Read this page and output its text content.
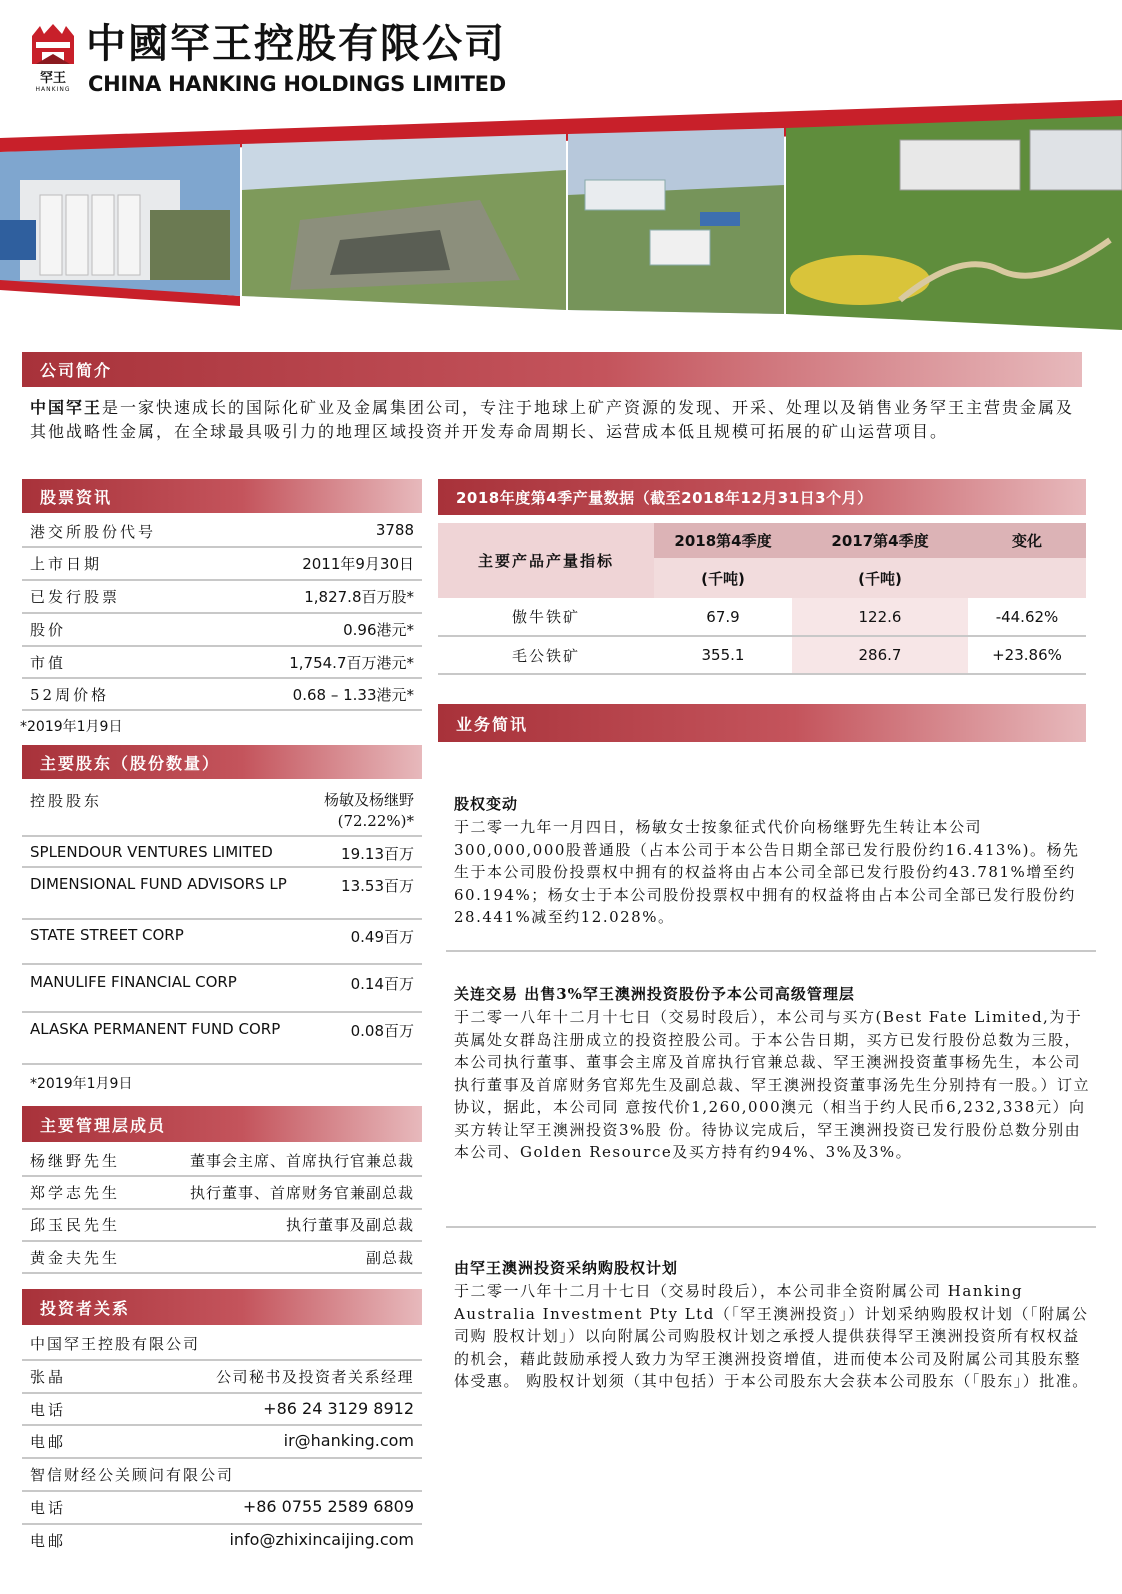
罕王
HANKING
中國罕王控股有限公司
CHINA HANKING HOLDINGS LIMITED
公司简介
中国罕王是一家快速成长的国际化矿业及金属集团公司，专注于地球上矿产资源的发现、开采、处理以及销售业务罕王主营贵金属及其他战略性金属，在全球最具吸引力的地理区域投资并开发寿命周期长、运营成本低且规模可拓展的矿山运营项目。
股票资讯
港交所股份代号	3788
上市日期	2011年9月30日
已发行股票	1,827.8百万股*
股价	0.96港元*
市值	1,754.7百万港元*
52周价格	0.68 – 1.33港元*
*2019年1月9日
主要股东（股份数量）
控股股东	杨敏及杨继野
(72.22%)*
SPLENDOUR VENTURES LIMITED	19.13百万
DIMENSIONAL FUND ADVISORS LP	13.53百万
STATE STREET CORP	0.49百万
MANULIFE FINANCIAL CORP	0.14百万
ALASKA PERMANENT FUND CORP	0.08百万
*2019年1月9日
主要管理层成员
杨继野先生	董事会主席、首席执行官兼总裁
郑学志先生	执行董事、首席财务官兼副总裁
邱玉民先生	执行董事及副总裁
黄金夫先生	副总裁
投资者关系
中国罕王控股有限公司
张晶	公司秘书及投资者关系经理
电话	+86 24 3129 8912
电邮	ir@hanking.com
智信财经公关顾问有限公司
电话	+86 0755 2589 6809
电邮	info@zhixincaijing.com
2018年度第4季产量数据（截至2018年12月31日3个月）
主要产品产量指标	2018第4季度	2017第4季度	变化
	(千吨)	(千吨)	
傲牛铁矿	67.9	122.6	-44.62%
毛公铁矿	355.1	286.7	+23.86%
业务简讯
股权变动
于二零一九年一月四日，杨敏女士按象征式代价向杨继野先生转让本公司300,000,000股普通股（占本公司于本公告日期全部已发行股份约16.413%)。杨先生于本公司股份投票权中拥有的权益将由占本公司全部已发行股份约43.781%增至约60.194%；杨女士于本公司股份投票权中拥有的权益将由占本公司全部已发行股份约28.441%减至约12.028%。
关连交易 出售3%罕王澳洲投资股份予本公司高级管理层
于二零一八年十二月十七日（交易时段后），本公司与买方(Best Fate Limited,为于英属处女群岛注册成立的投资控股公司。于本公告日期，买方已发行股份总数为三股，本公司执行董事、董事会主席及首席执行官兼总裁、罕王澳洲投资董事杨先生，本公司执行董事及首席财务官郑先生及副总裁、罕王澳洲投资董事汤先生分别持有一股。）订立协议，据此，本公司同 意按代价1,260,000澳元（相当于约人民币6,232,338元）向买方转让罕王澳洲投资3%股 份。待协议完成后，罕王澳洲投资已发行股份总数分别由本公司、Golden Resource及买方持有约94%、3%及3%。
由罕王澳洲投资采纳购股权计划
于二零一八年十二月十七日（交易时段后），本公司非全资附属公司 Hanking Australia Investment Pty Ltd（「罕王澳洲投资」）计划采纳购股权计划（「附属公司购 股权计划」）以向附属公司购股权计划之承授人提供获得罕王澳洲投资所有权权益的机会，藉此鼓励承授人致力为罕王澳洲投资增值，进而使本公司及附属公司其股东整体受惠。 购股权计划须（其中包括）于本公司股东大会获本公司股东（「股东」）批准。
